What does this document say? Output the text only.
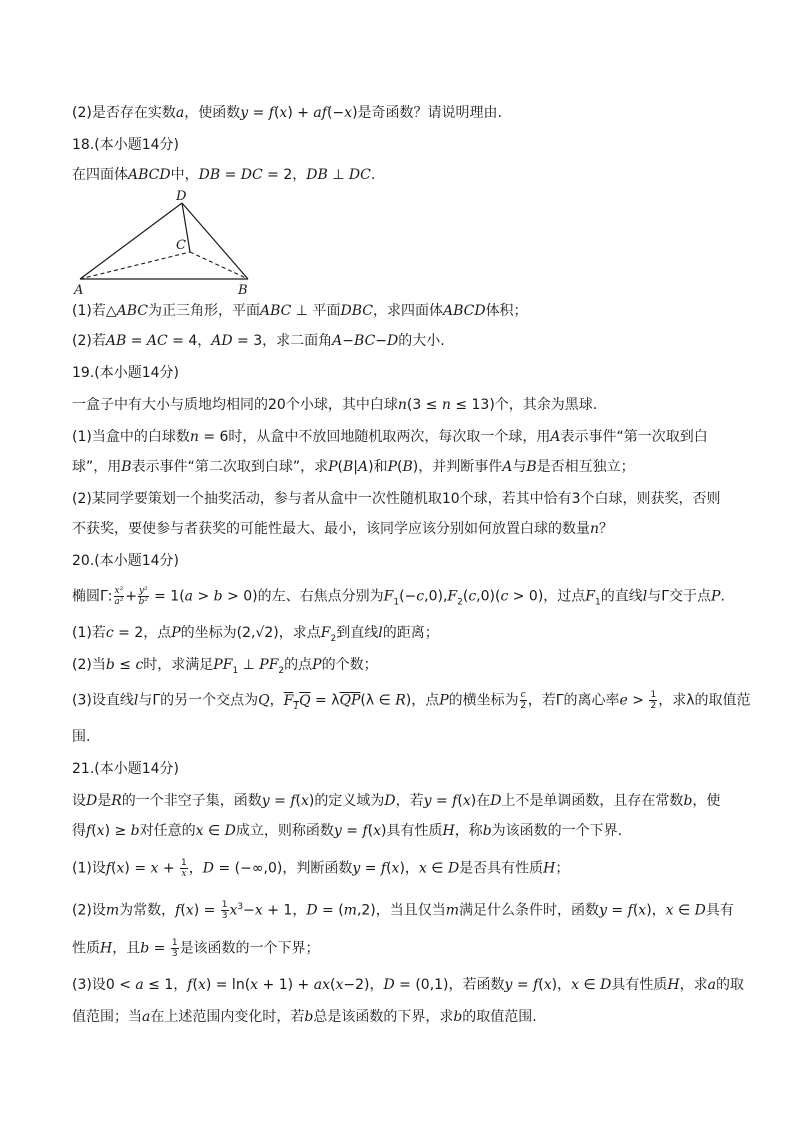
(2)是否存在实数a，使函数y = f(x) + af(−x)是奇函数？请说明理由.
18.(本小题14分)
在四面体ABCD中，DB = DC = 2，DB ⊥ DC.
D
C
A	B
(1)若△ABC为正三角形，平面ABC ⊥ 平面DBC，求四面体ABCD体积；
(2)若AB = AC = 4，AD = 3，求二面角A−BC−D的大小.
19.(本小题14分)
一盒子中有大小与质地均相同的20个小球，其中白球n(3 ≤ n ≤ 13)个，其余为黑球.
(1)当盒中的白球数n = 6时，从盒中不放回地随机取两次，每次取一个球，用A表示事件“第一次取到白
球”，用B表示事件“第二次取到白球”，求P(B|A)和P(B)，并判断事件A与B是否相互独立；
(2)某同学要策划一个抽奖活动，参与者从盒中一次性随机取10个球，若其中恰有3个白球，则获奖，否则
不获奖，要使参与者获奖的可能性最大、最小，该同学应该分别如何放置白球的数量n？
20.(本小题14分)
椭圆Γ: $\frac{\text{x²}}{\text{a²}} + \frac{\text{y²}}{\text{b²}} = 1(a > b > 0)$的左、右焦点分别为$F_1(-c,0),F_2(c,0)(c > 0)$，过点$F_1$的直线l与Γ交于点P.
(1)若c = 2，点P的坐标为(2,√2)，求点$F_2$到直线l的距离；
(2)当b ≤ c时，求满足$PF_1$ ⊥ $PF_2$的点P的个数；
(3)设直线l与Γ的另一个交点为Q，$F_1Q = \lambda\overline{QP}(\lambda$ ∈ R)，点P的横坐标为 $\frac{c}{2}$ ，若Γ的离心率$e > \frac{1}{2}$ ，求λ的取值范
围.
21.(本小题14分)
设D是R的一个非空子集，函数y = f(x)的定义域为D，若y = f(x)在D上不是单调函数，且存在常数b，使
得f(x) ≥ b对任意的x ∈ D成立，则称函数y = f(x)具有性质H，称b为该函数的一个下界.
(1)设$f(x) = x + \frac{1}{x}$ ，D = (−∞,0)，判断函数y = f(x)，x ∈ D是否具有性质H；
(2)设m为常数，$f(x) = \frac{1}{3} x^3-x + 1$，D = (m,2)，当且仅当m满足什么条件时，函数y = f(x)，x ∈ D具有
性质H，且$b = \frac{1}{3}$ 是该函数的一个下界；
(3)设0 < a ≤ 1，f(x) = ln(x + 1) + ax(x−2)，D = (0,1)，若函数y = f(x)，x ∈ D具有性质H，求a的取
值范围；当a在上述范围内变化时，若b总是该函数的下界，求b的取值范围.
